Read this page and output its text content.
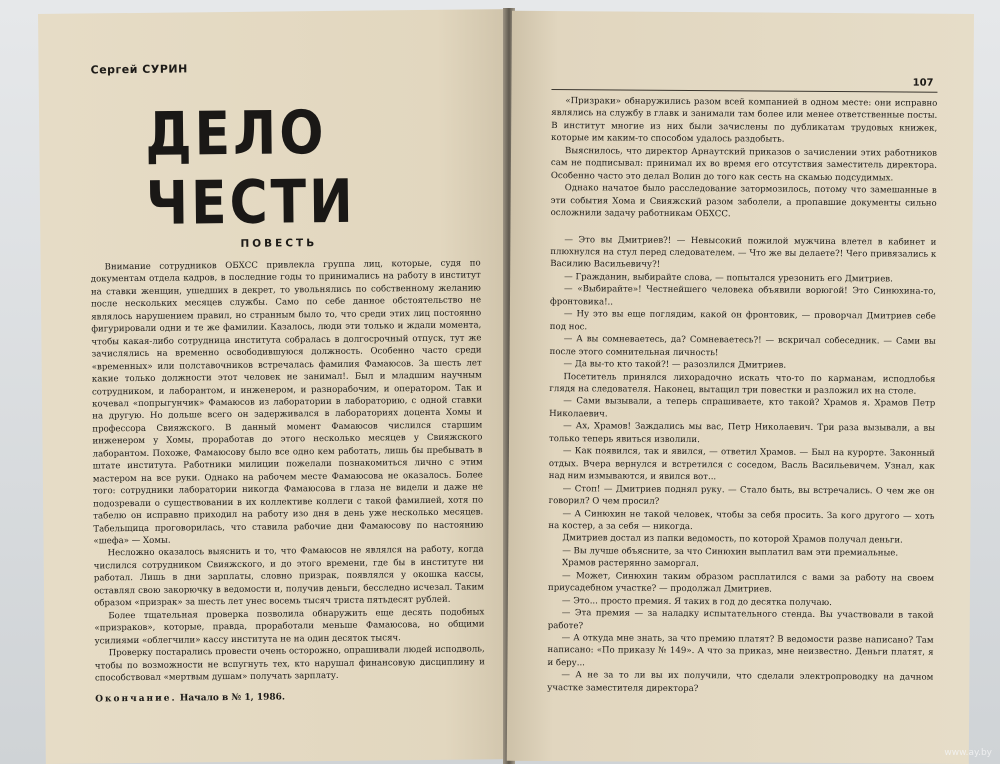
Сергей СУРИН
ДЕЛО ЧЕСТИ
ПОВЕСТЬ

Внимание сотрудников ОБХСС привлекла группа лиц, которые, судя по документам отдела кадров, в последние годы то принимались на работу в институт на ставки женщин, ушедших в декрет, то увольнялись по собственному желанию после нескольких месяцев службы. Само по себе данное обстоятельство не являлось нарушением правил, но странным было то, что среди этих лиц постоянно фигурировали одни и те же фамилии. Казалось, люди эти только и ждали момента, чтобы какая-либо сотрудница института собралась в долгосрочный отпуск, тут же зачислялись на временно освободившуюся должность. Особенно часто среди «временных» или полставочников встречалась фамилия Фамаюсов. За шесть лет какие только должности этот человек не занимал!. Был и младшим научным сотрудником, и лаборантом, и инженером, и разнорабочим, и оператором. Так и кочевал «попрыгунчик» Фамаюсов из лаборатории в лабораторию, с одной ставки на другую. Но дольше всего он задерживался в лабораториях доцента Хомы и профессора Свияжского. В данный момент Фамаюсов числился старшим инженером у Хомы, проработав до этого несколько месяцев у Свияжского лаборантом. Похоже, Фамаюсову было все одно кем работать, лишь бы пребывать в штате института. Работники милиции пожелали познакомиться лично с этим мастером на все руки. Однако на рабочем месте Фамаюсова не оказалось. Более того: сотрудники лаборатории никогда Фамаюсова в глаза не видели и даже не подозревали о существовании в их коллективе коллеги с такой фамилией, хотя по табелю он исправно приходил на работу изо дня в день уже несколько месяцев. Табельщица проговорилась, что ставила рабочие дни Фамаюсову по настоянию «шефа» — Хомы.

Несложно оказалось выяснить и то, что Фамаюсов не являлся на работу, когда числился сотрудником Свияжского, и до этого времени, где бы в институте ни работал. Лишь в дни зарплаты, словно призрак, появлялся у окошка кассы, оставлял свою закорючку в ведомости и, получив деньги, бесследно исчезал. Таким образом «призрак» за шесть лет унес восемь тысяч триста пятьдесят рублей.

Более тщательная проверка позволила обнаружить еще десять подобных «призраков», которые, правда, проработали меньше Фамаюсова, но общими усилиями «облегчили» кассу института не на один десяток тысяч.

Проверку постарались провести очень осторожно, опрашивали людей исподволь, чтобы по возможности не вспугнуть тех, кто нарушал финансовую дисциплину и способствовал «мертвым душам» получать зарплату.

Окончание. Начало в № 1, 1986.
107

«Призраки» обнаружились разом всей компанией в одном месте: они исправно являлись на службу в главк и занимали там более или менее ответственные посты. В институт многие из них были зачислены по дубликатам трудовых книжек, которые им каким-то способом удалось раздобыть.

Выяснилось, что директор Арнаутский приказов о зачислении этих работников сам не подписывал: принимал их во время его отсутствия заместитель директора. Особенно часто это делал Волин до того как сесть на скамью подсудимых.

Однако начатое было расследование затормозилось, потому что замешанные в эти события Хома и Свияжский разом заболели, а пропавшие документы сильно осложнили задачу работникам ОБХСС.

— Это вы Дмитриев?! — Невысокий пожилой мужчина влетел в кабинет и плюхнулся на стул перед следователем. — Что же вы делаете?! Чего привязались к Василию Васильевичу?!

— Гражданин, выбирайте слова, — попытался урезонить его Дмитриев.

— «Выбирайте»! Честнейшего человека объявили ворюгой! Это Синюхина-то, фронтовика!..

— Ну это вы еще поглядим, какой он фронтовик, — проворчал Дмитриев себе под нос.

— А вы сомневаетесь, да? Сомневаетесь?! — вскричал собеседник. — Сами вы после этого сомнительная личность!

— Да вы-то кто такой?! — разозлился Дмитриев.

Посетитель принялся лихорадочно искать что-то по карманам, исподлобья глядя на следователя. Наконец, вытащил три повестки и разложил их на столе.

— Сами вызывали, а теперь спрашиваете, кто такой? Храмов я. Храмов Петр Николаевич.

— Ах, Храмов! Заждались мы вас, Петр Николаевич. Три раза вызывали, а вы только теперь явиться изволили.

— Как появился, так и явился, — ответил Храмов. — Был на курорте. Законный отдых. Вчера вернулся и встретился с соседом, Васль Васильевичем. Узнал, как над ним измываются, и явился вот...

— Стоп! — Дмитриев поднял руку. — Стало быть, вы встречались. О чем же он говорил? О чем просил?

— А Синюхин не такой человек, чтобы за себя просить. За кого другого — хоть на костер, а за себя — никогда.

Дмитриев достал из папки ведомость, по которой Храмов получал деньги.

— Вы лучше объясните, за что Синюхин выплатил вам эти премиальные.

Храмов растерянно заморгал.

— Может, Синюхин таким образом расплатился с вами за работу на своем приусадебном участке? — продолжал Дмитриев.

— Это... просто премия. Я таких в год до десятка получаю.

— Эта премия — за наладку испытательного стенда. Вы участвовали в такой работе?

— А откуда мне знать, за что премию платят? В ведомости разве написано? Там написано: «По приказу № 149». А что за приказ, мне неизвестно. Деньги платят, я и беру...

— А не за то ли вы их получили, что сделали электропроводку на дачном участке заместителя директора?

www.ay.by
